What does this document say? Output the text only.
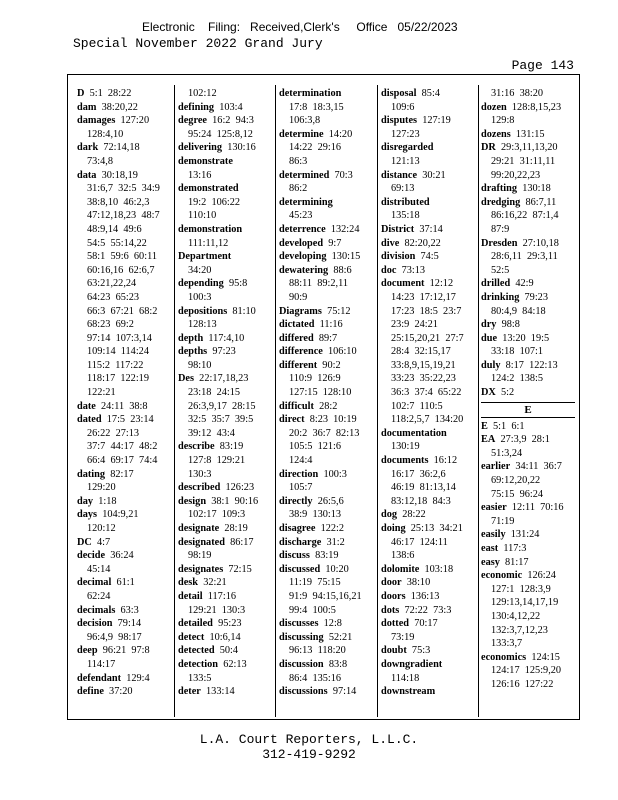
Electronic    Filing:   Received,Clerk's     Office   05/22/2023
Special November 2022 Grand Jury
Page 143
D 5:1  28:22
dam 38:20,22
damages 127:20
128:4,10
dark 72:14,18
73:4,8
data 30:18,19
31:6,7  32:5  34:9
38:8,10  46:2,3
47:12,18,23  48:7
48:9,14  49:6
54:5  55:14,22
58:1  59:6  60:11
60:16,16  62:6,7
63:21,22,24
64:23  65:23
66:3  67:21  68:2
68:23  69:2
97:14  107:3,14
109:14  114:24
115:2  117:22
118:17  122:19
122:21
date 24:11  38:8
dated 17:5  23:14
26:22  27:13
37:7  44:17  48:2
66:4  69:17  74:4
dating 82:17
129:20
day 1:18
days 104:9,21
120:12
DC 4:7
decide 36:24
45:14
decimal 61:1
62:24
decimals 63:3
decision 79:14
96:4,9  98:17
deep 96:21  97:8
114:17
defendant 129:4
define 37:20
102:12
defining 103:4
degree 16:2  94:3
95:24  125:8,12
delivering 130:16
demonstrate
13:16
demonstrated
19:2  106:22
110:10
demonstration
111:11,12
Department
34:20
depending 95:8
100:3
depositions 81:10
128:13
depth 117:4,10
depths 97:23
98:10
Des 22:17,18,23
23:18  24:15
26:3,9,17  28:15
32:5  35:7  39:5
39:12  43:4
describe 83:19
127:8  129:21
130:3
described 126:23
design 38:1  90:16
102:17  109:3
designate 28:19
designated 86:17
98:19
designates 72:15
desk 32:21
detail 117:16
129:21  130:3
detailed 95:23
detect 10:6,14
detected 50:4
detection 62:13
133:5
deter 133:14
determination
17:8  18:3,15
106:3,8
determine 14:20
14:22  29:16
86:3
determined 70:3
86:2
determining
45:23
deterrence 132:24
developed 9:7
developing 130:15
dewatering 88:6
88:11  89:2,11
90:9
Diagrams 75:12
dictated 11:16
differed 89:7
difference 106:10
different 90:2
110:9  126:9
127:15  128:10
difficult 28:2
direct 8:23  10:19
20:2  36:7  82:13
105:5  121:6
124:4
direction 100:3
105:7
directly 26:5,6
38:9  130:13
disagree 122:2
discharge 31:2
discuss 83:19
discussed 10:20
11:19  75:15
91:9  94:15,16,21
99:4  100:5
discusses 12:8
discussing 52:21
96:13  118:20
discussion 83:8
86:4  135:16
discussions 97:14
disposal 85:4
109:6
disputes 127:19
127:23
disregarded
121:13
distance 30:21
69:13
distributed
135:18
District 37:14
dive 82:20,22
division 74:5
doc 73:13
document 12:12
14:23  17:12,17
17:23  18:5  23:7
23:9  24:21
25:15,20,21  27:7
28:4  32:15,17
33:8,9,15,19,21
33:23  35:22,23
36:3  37:4  65:22
102:7  110:5
118:2,5,7  134:20
documentation
130:19
documents 16:12
16:17  36:2,6
46:19  81:13,14
83:12,18  84:3
dog 28:22
doing 25:13  34:21
46:17  124:11
138:6
dolomite 103:18
door 38:10
doors 136:13
dots 72:22  73:3
dotted 70:17
73:19
doubt 75:3
downgradient
114:18
downstream
31:16  38:20
dozen 128:8,15,23
129:8
dozens 131:15
DR 29:3,11,13,20
29:21  31:11,11
99:20,22,23
drafting 130:18
dredging 86:7,11
86:16,22  87:1,4
87:9
Dresden 27:10,18
28:6,11  29:3,11
52:5
drilled 42:9
drinking 79:23
80:4,9  84:18
dry 98:8
due 13:20  19:5
33:18  107:1
duly 8:17  122:13
124:2  138:5
DX 5:2
E
E 5:1  6:1
EA 27:3,9  28:1
51:3,24
earlier 34:11  36:7
69:12,20,22
75:15  96:24
easier 12:11  70:16
71:19
easily 131:24
east 117:3
easy 81:17
economic 126:24
127:1  128:3,9
129:13,14,17,19
130:4,12,22
132:3,7,12,23
133:3,7
economics 124:15
124:17  125:9,20
126:16  127:22
L.A. Court Reporters, L.L.C.
312-419-9292
